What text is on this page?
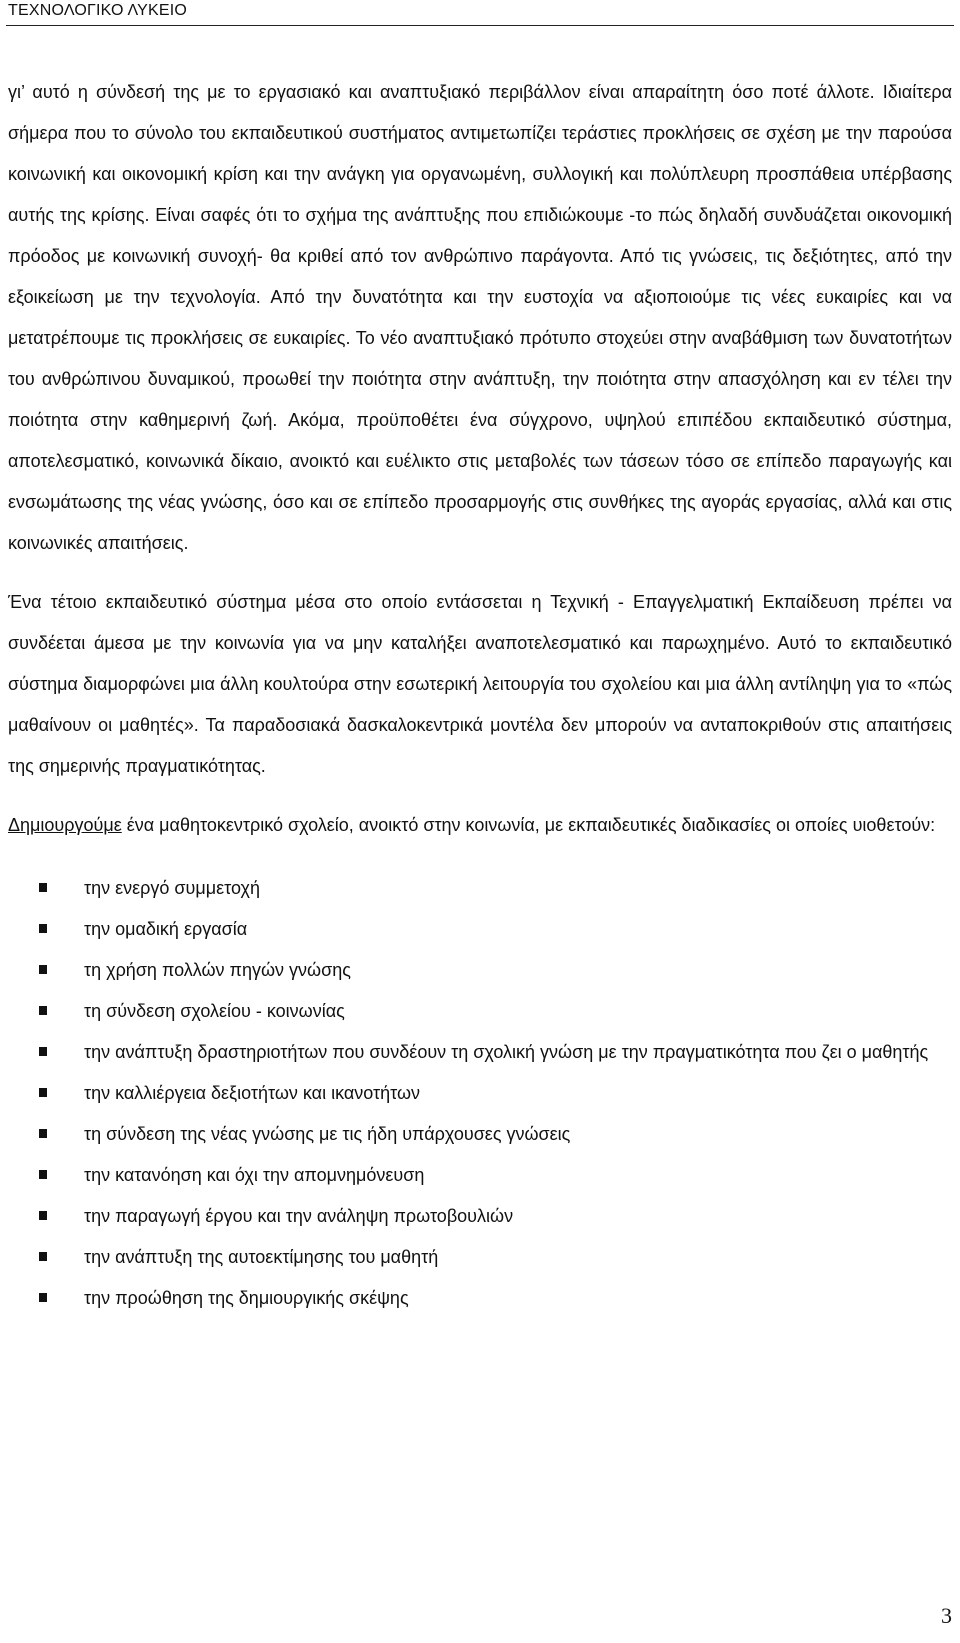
ΤΕΧΝΟΛΟΓΙΚΟ ΛΥΚΕΙΟ

γι’ αυτό η σύνδεσή της με το εργασιακό και αναπτυξιακό περιβάλλον είναι απαραίτητη όσο ποτέ άλλοτε. Ιδιαίτερα σήμερα που το σύνολο του εκπαιδευτικού συστήματος αντιμετωπίζει τεράστιες προκλήσεις σε σχέση με την παρούσα κοινωνική και οικονομική κρίση και την ανάγκη για οργανωμένη, συλλογική και πολύπλευρη προσπάθεια υπέρβασης αυτής της κρίσης. Είναι σαφές ότι το σχήμα της ανάπτυξης που επιδιώκουμε -το πώς δηλαδή συνδυάζεται οικονομική πρόοδος με κοινωνική συνοχή- θα κριθεί από τον ανθρώπινο παράγοντα. Από τις γνώσεις, τις δεξιότητες, από την εξοικείωση με την τεχνολογία. Από την δυνατότητα και την ευστοχία να αξιοποιούμε τις νέες ευκαιρίες και να μετατρέπουμε τις προκλήσεις σε ευκαιρίες. Το νέο αναπτυξιακό πρότυπο στοχεύει στην αναβάθμιση των δυνατοτήτων του ανθρώπινου δυναμικού, προωθεί την ποιότητα στην ανάπτυξη, την ποιότητα στην απασχόληση και εν τέλει την ποιότητα στην καθημερινή ζωή. Ακόμα, προϋποθέτει ένα σύγχρονο, υψηλού επιπέδου εκπαιδευτικό σύστημα, αποτελεσματικό, κοινωνικά δίκαιο, ανοικτό και ευέλικτο στις μεταβολές των τάσεων τόσο σε επίπεδο παραγωγής και ενσωμάτωσης της νέας γνώσης, όσο και σε επίπεδο προσαρμογής στις συνθήκες της αγοράς εργασίας, αλλά και στις κοινωνικές απαιτήσεις.

Ένα τέτοιο εκπαιδευτικό σύστημα μέσα στο οποίο εντάσσεται η Τεχνική - Επαγγελματική Εκπαίδευση πρέπει να συνδέεται άμεσα με την κοινωνία για να μην καταλήξει αναποτελεσματικό και παρωχημένο. Αυτό το εκπαιδευτικό σύστημα διαμορφώνει μια άλλη κουλτούρα στην εσωτερική λειτουργία του σχολείου και μια άλλη αντίληψη για το «πώς μαθαίνουν οι μαθητές». Τα παραδοσιακά δασκαλοκεντρικά μοντέλα δεν μπορούν να ανταποκριθούν στις απαιτήσεις της σημερινής πραγματικότητας.

Δημιουργούμε ένα μαθητοκεντρικό σχολείο, ανοικτό στην κοινωνία, με εκπαιδευτικές διαδικασίες οι οποίες υιοθετούν:

την ενεργό συμμετοχή
την ομαδική εργασία
τη χρήση πολλών πηγών γνώσης
τη σύνδεση σχολείου - κοινωνίας
την ανάπτυξη δραστηριοτήτων που συνδέουν τη σχολική γνώση με την πραγματικότητα που ζει ο μαθητής
την καλλιέργεια δεξιοτήτων και ικανοτήτων
τη σύνδεση της νέας γνώσης με τις ήδη υπάρχουσες γνώσεις
την κατανόηση και όχι την απομνημόνευση
την παραγωγή έργου και την ανάληψη πρωτοβουλιών
την ανάπτυξη της αυτοεκτίμησης του μαθητή
την προώθηση της δημιουργικής σκέψης
3
